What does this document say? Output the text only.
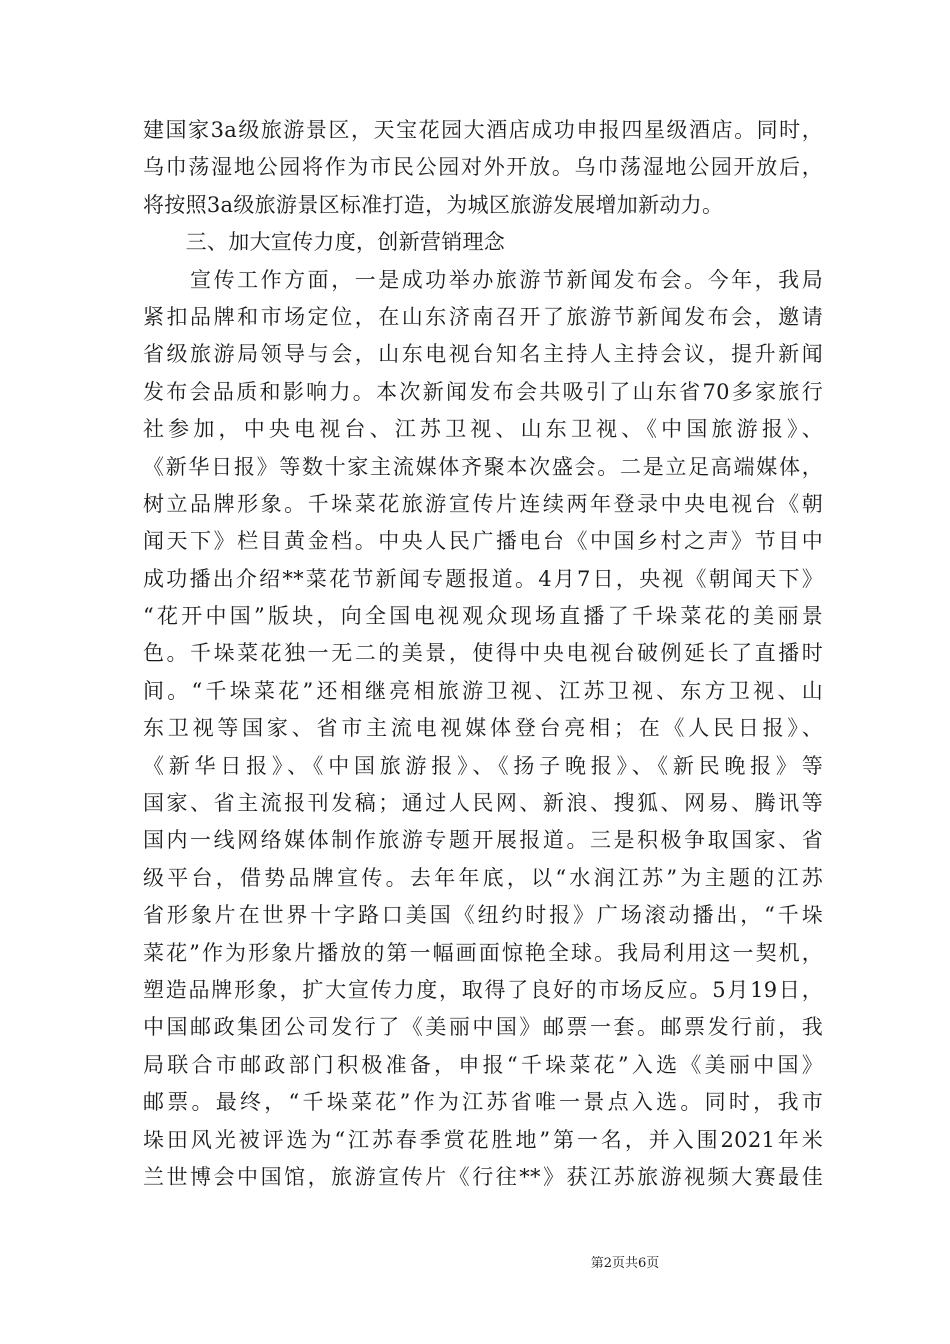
建国家3a级旅游景区，天宝花园大酒店成功申报四星级酒店。同时，
乌巾荡湿地公园将作为市民公园对外开放。乌巾荡湿地公园开放后，
将按照3a级旅游景区标准打造，为城区旅游发展增加新动力。
　　三、加大宣传力度，创新营销理念
　　宣传工作方面，一是成功举办旅游节新闻发布会。今年，我局
紧扣品牌和市场定位，在山东济南召开了旅游节新闻发布会，邀请
省级旅游局领导与会，山东电视台知名主持人主持会议，提升新闻
发布会品质和影响力。本次新闻发布会共吸引了山东省70多家旅行
社参加，中央电视台、江苏卫视、山东卫视、《中国旅游报》、
《新华日报》等数十家主流媒体齐聚本次盛会。二是立足高端媒体，
树立品牌形象。千垛菜花旅游宣传片连续两年登录中央电视台《朝
闻天下》栏目黄金档。中央人民广播电台《中国乡村之声》节目中
成功播出介绍**菜花节新闻专题报道。4月7日，央视《朝闻天下》
“花开中国”版块，向全国电视观众现场直播了千垛菜花的美丽景
色。千垛菜花独一无二的美景，使得中央电视台破例延长了直播时
间。“千垛菜花”还相继亮相旅游卫视、江苏卫视、东方卫视、山
东卫视等国家、省市主流电视媒体登台亮相；在《人民日报》、
《新华日报》、《中国旅游报》、《扬子晚报》、《新民晚报》等
国家、省主流报刊发稿；通过人民网、新浪、搜狐、网易、腾讯等
国内一线网络媒体制作旅游专题开展报道。三是积极争取国家、省
级平台，借势品牌宣传。去年年底，以“水润江苏”为主题的江苏
省形象片在世界十字路口美国《纽约时报》广场滚动播出，“千垛
菜花”作为形象片播放的第一幅画面惊艳全球。我局利用这一契机，
塑造品牌形象，扩大宣传力度，取得了良好的市场反应。5月19日，
中国邮政集团公司发行了《美丽中国》邮票一套。邮票发行前，我
局联合市邮政部门积极准备，申报“千垛菜花”入选《美丽中国》
邮票。最终，“千垛菜花”作为江苏省唯一景点入选。同时，我市
垛田风光被评选为“江苏春季赏花胜地”第一名，并入围2021年米
兰世博会中国馆，旅游宣传片《行往**》获江苏旅游视频大赛最佳
第2页共6页
